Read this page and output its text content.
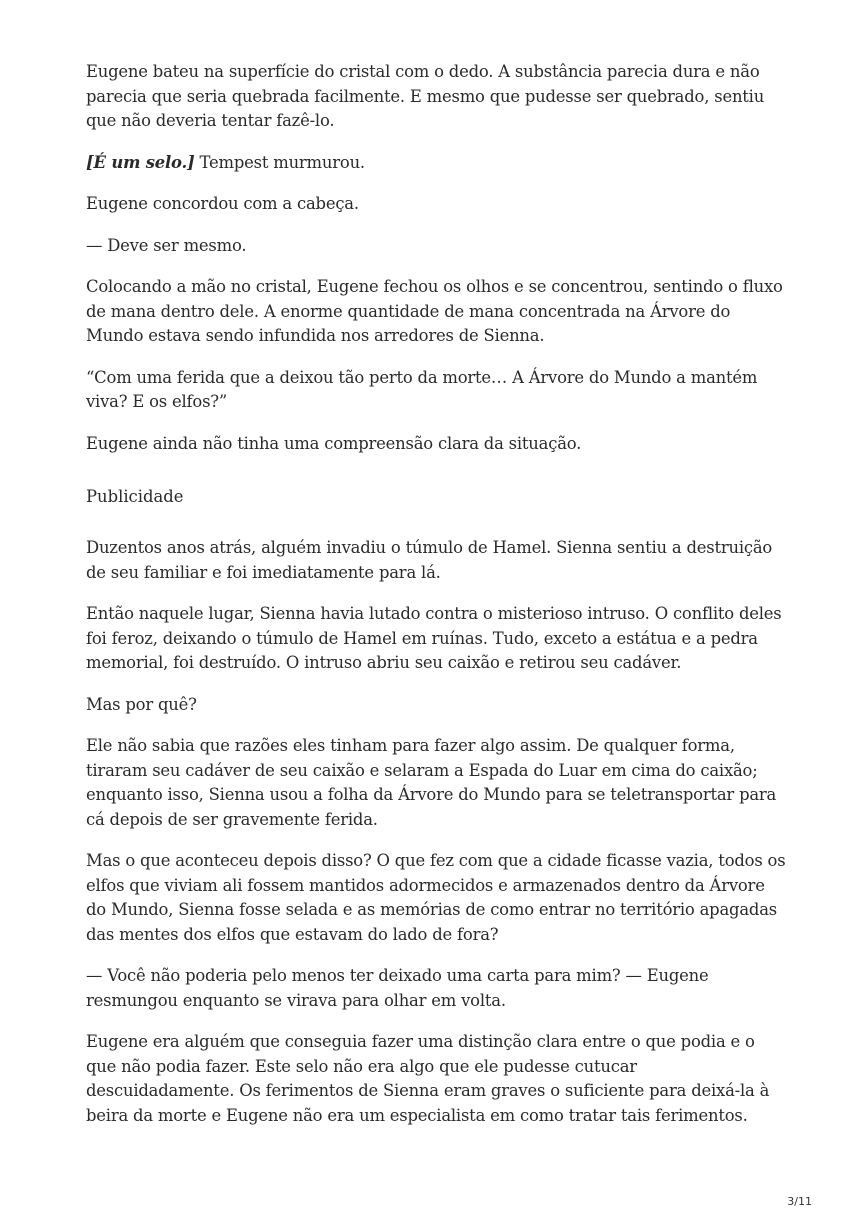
Eugene bateu na superfície do cristal com o dedo. A substância parecia dura e não parecia que seria quebrada facilmente. E mesmo que pudesse ser quebrado, sentiu que não deveria tentar fazê-lo.

[É um selo.] Tempest murmurou.

Eugene concordou com a cabeça.

— Deve ser mesmo.

Colocando a mão no cristal, Eugene fechou os olhos e se concentrou, sentindo o fluxo de mana dentro dele. A enorme quantidade de mana concentrada na Árvore do Mundo estava sendo infundida nos arredores de Sienna.

“Com uma ferida que a deixou tão perto da morte… A Árvore do Mundo a mantém viva? E os elfos?”

Eugene ainda não tinha uma compreensão clara da situação.

Publicidade

Duzentos anos atrás, alguém invadiu o túmulo de Hamel. Sienna sentiu a destruição de seu familiar e foi imediatamente para lá.

Então naquele lugar, Sienna havia lutado contra o misterioso intruso. O conflito deles foi feroz, deixando o túmulo de Hamel em ruínas. Tudo, exceto a estátua e a pedra memorial, foi destruído. O intruso abriu seu caixão e retirou seu cadáver.

Mas por quê?

Ele não sabia que razões eles tinham para fazer algo assim. De qualquer forma, tiraram seu cadáver de seu caixão e selaram a Espada do Luar em cima do caixão; enquanto isso, Sienna usou a folha da Árvore do Mundo para se teletransportar para cá depois de ser gravemente ferida.

Mas o que aconteceu depois disso? O que fez com que a cidade ficasse vazia, todos os elfos que viviam ali fossem mantidos adormecidos e armazenados dentro da Árvore do Mundo, Sienna fosse selada e as memórias de como entrar no território apagadas das mentes dos elfos que estavam do lado de fora?

— Você não poderia pelo menos ter deixado uma carta para mim? — Eugene resmungou enquanto se virava para olhar em volta.

Eugene era alguém que conseguia fazer uma distinção clara entre o que podia e o que não podia fazer. Este selo não era algo que ele pudesse cutucar descuidadamente. Os ferimentos de Sienna eram graves o suficiente para deixá-la à beira da morte e Eugene não era um especialista em como tratar tais ferimentos.

3/11
